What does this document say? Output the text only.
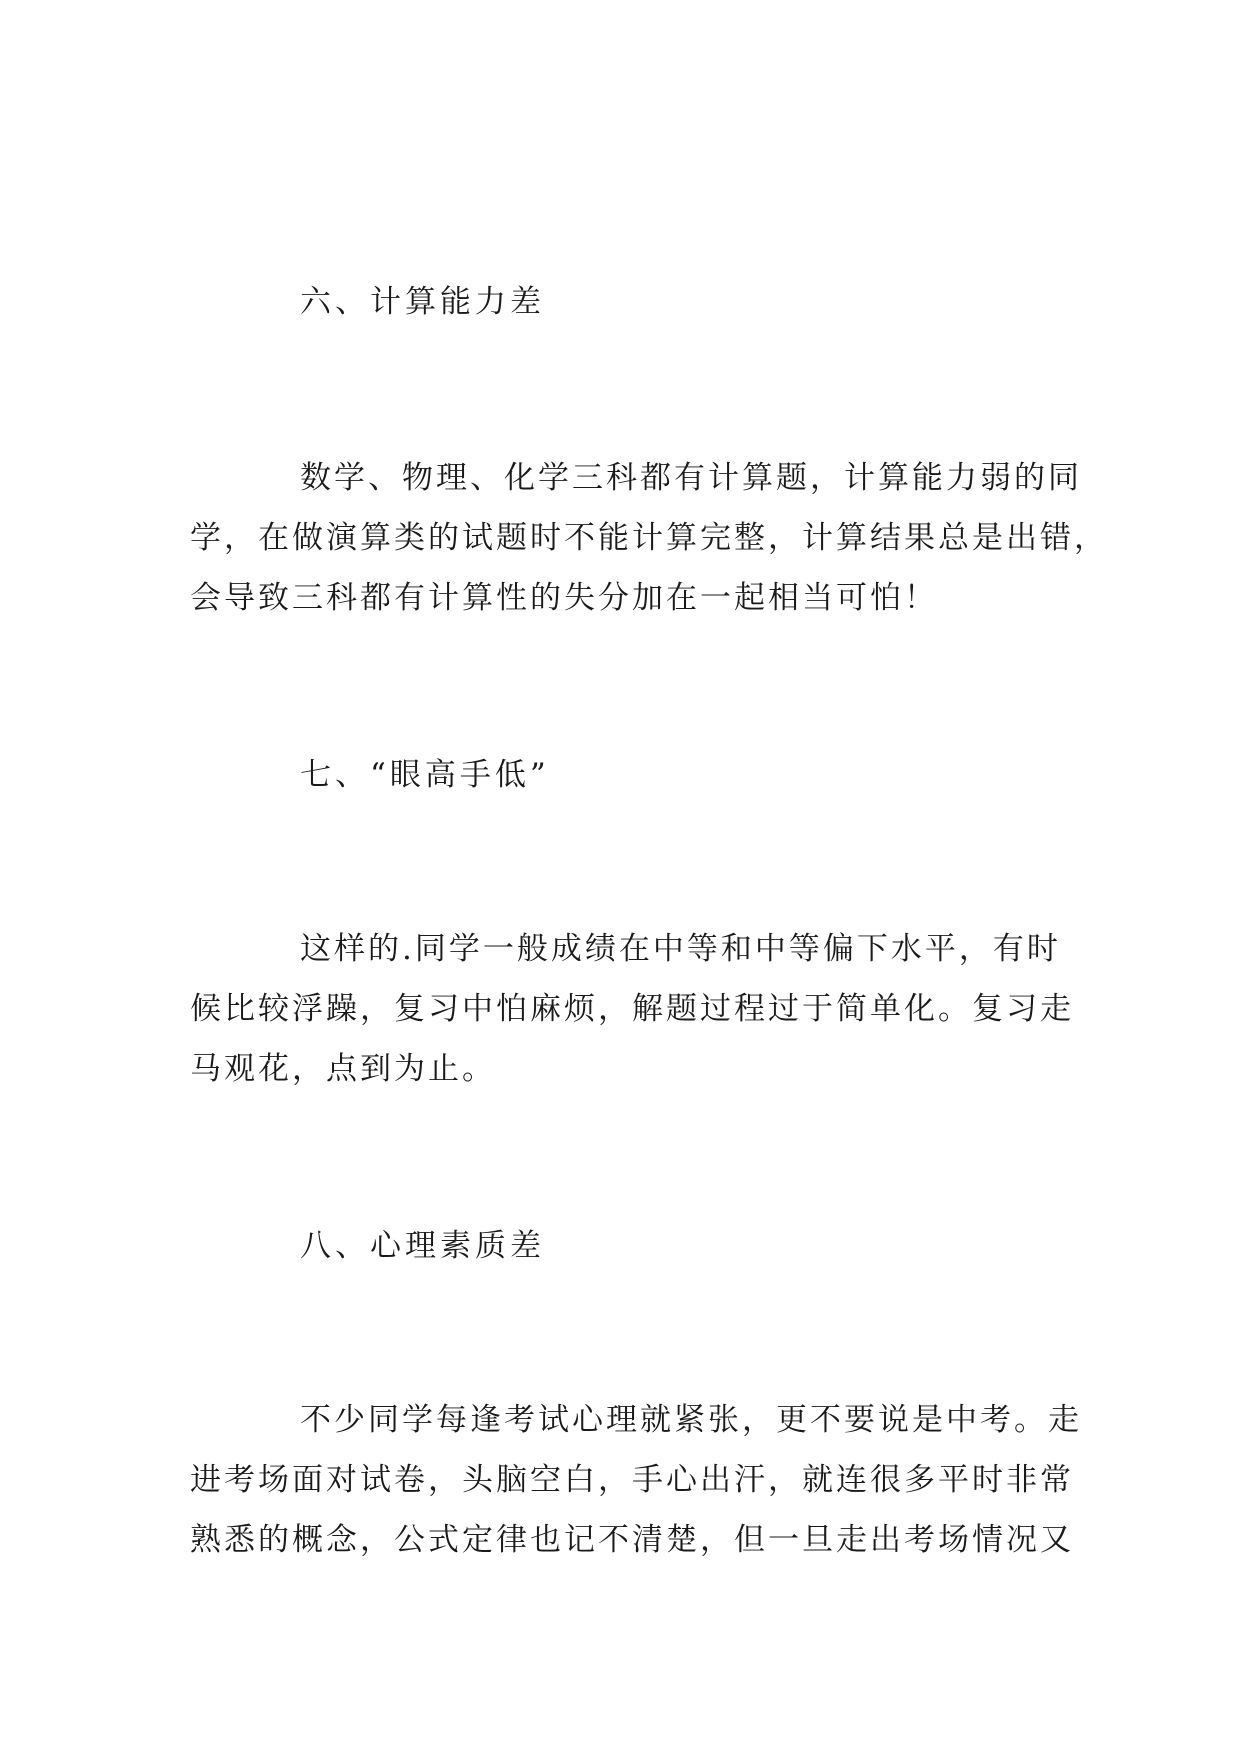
六、计算能力差
数学、物理、化学三科都有计算题，计算能力弱的同
学，在做演算类的试题时不能计算完整，计算结果总是出错，
会导致三科都有计算性的失分加在一起相当可怕！
七、“眼高手低”
这样的.同学一般成绩在中等和中等偏下水平，有时
候比较浮躁，复习中怕麻烦，解题过程过于简单化。复习走
马观花，点到为止。
八、心理素质差
不少同学每逢考试心理就紧张，更不要说是中考。走
进考场面对试卷，头脑空白，手心出汗，就连很多平时非常
熟悉的概念，公式定律也记不清楚，但一旦走出考场情况又
